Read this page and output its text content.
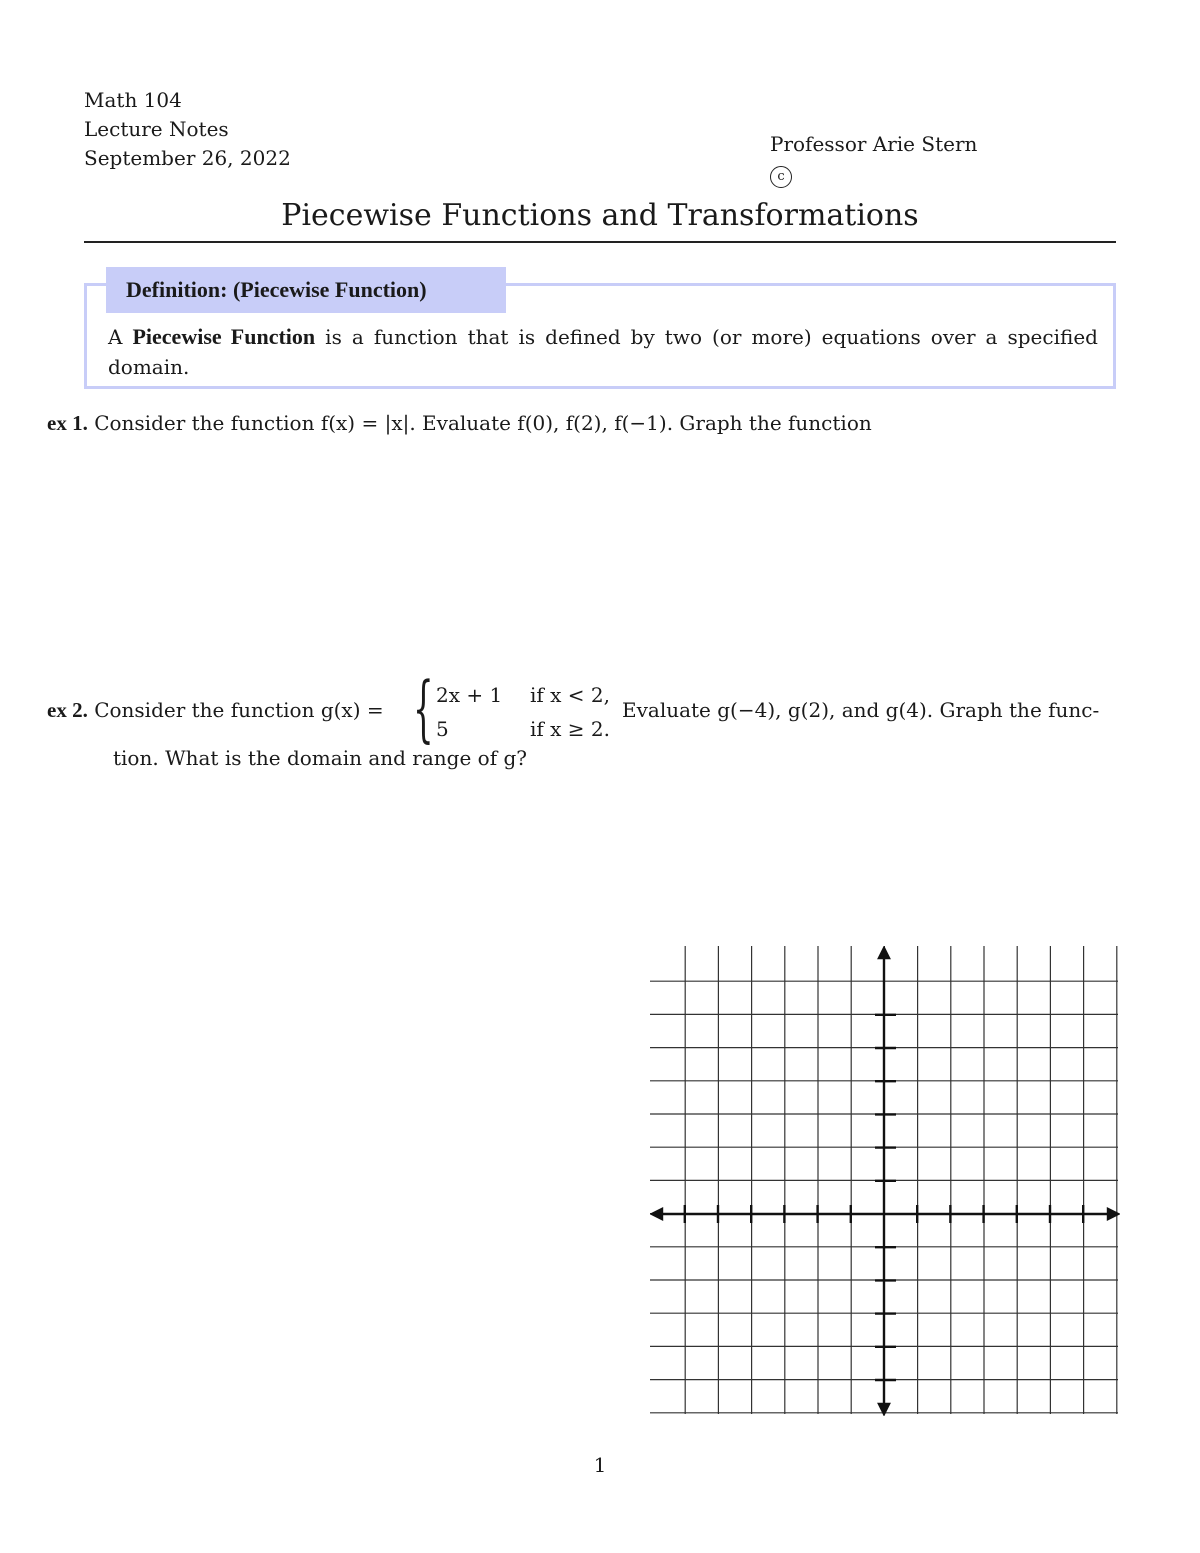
Math 104
Lecture Notes
September 26, 2022
Professor Arie Stern
c
Piecewise Functions and Transformations
Definition: (Piecewise Function)
A Piecewise Function is a function that is defined by two (or more) equations over a specified domain.
ex 1. Consider the function f(x) = |x|. Evaluate f(0), f(2), f(−1). Graph the function
ex 2. Consider the function g(x) =	Evaluate g(−4), g(2), and g(4). Graph the func-
{ 2x + 1 if x < 2,
5	if x ≥ 2.
tion. What is the domain and range of g?
1
